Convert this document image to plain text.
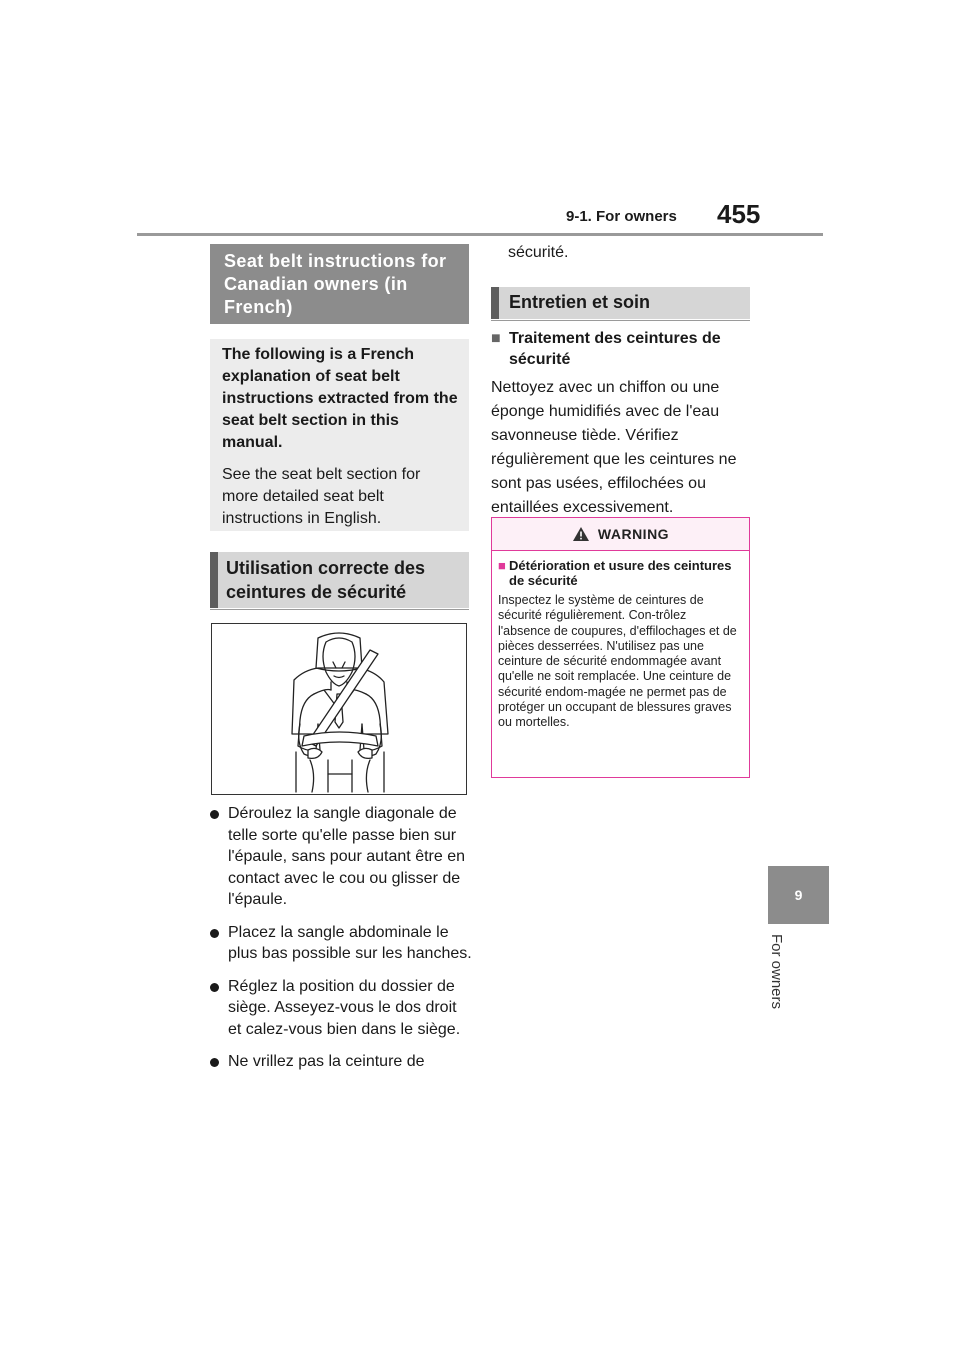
9-1. For owners 455
9
For owners
Seat belt instructions for Canadian owners (in French)

The following is a French explanation of seat belt instructions extracted from the seat belt section in this manual.

See the seat belt section for more detailed seat belt instructions in English.

Utilisation correcte des ceintures de sécurité
Déroulez la sangle diagonale de telle sorte qu'elle passe bien sur l'épaule, sans pour autant être en contact avec le cou ou glisser de l'épaule.
Placez la sangle abdominale le plus bas possible sur les hanches.
Réglez la position du dossier de siège. Asseyez-vous le dos droit et calez-vous bien dans le siège.
Ne vrillez pas la ceinture de
sécurité.
Entretien et soin
■ Traitement des ceintures de sécurité
Nettoyez avec un chiffon ou une éponge humidifiés avec de l'eau savonneuse tiède. Vérifiez régulièrement que les ceintures ne sont pas usées, effilochées ou entaillées excessivement.
WARNING
■ Détérioration et usure des ceintures de sécurité
Inspectez le système de ceintures de sécurité régulièrement. Con-trôlez l'absence de coupures, d'effilochages et de pièces desserrées. N'utilisez pas une ceinture de sécurité endommagée avant qu'elle ne soit remplacée. Une ceinture de sécurité endom-magée ne permet pas de protéger un occupant de blessures graves ou mortelles.
